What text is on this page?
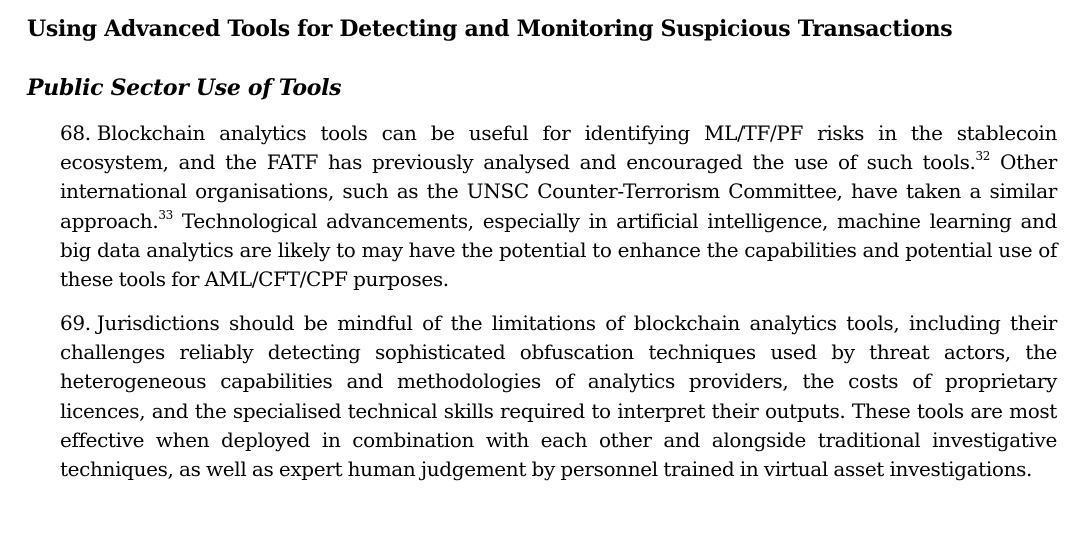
Using Advanced Tools for Detecting and Monitoring Suspicious Transactions
Public Sector Use of Tools
68. Blockchain analytics tools can be useful for identifying ML/TF/PF risks in the stablecoin ecosystem, and the FATF has previously analysed and encouraged the use of such tools.$^{32}$ Other international organisations, such as the UNSC Counter-Terrorism Committee, have taken a similar approach.$^{33}$ Technological advancements, especially in artificial intelligence, machine learning and big data analytics are likely to may have the potential to enhance the capabilities and potential use of these tools for AML/CFT/CPF purposes.
69. Jurisdictions should be mindful of the limitations of blockchain analytics tools, including their challenges reliably detecting sophisticated obfuscation techniques used by threat actors, the heterogeneous capabilities and methodologies of analytics providers, the costs of proprietary licences, and the specialised technical skills required to interpret their outputs. These tools are most effective when deployed in combination with each other and alongside traditional investigative techniques, as well as expert human judgement by personnel trained in virtual asset investigations.
